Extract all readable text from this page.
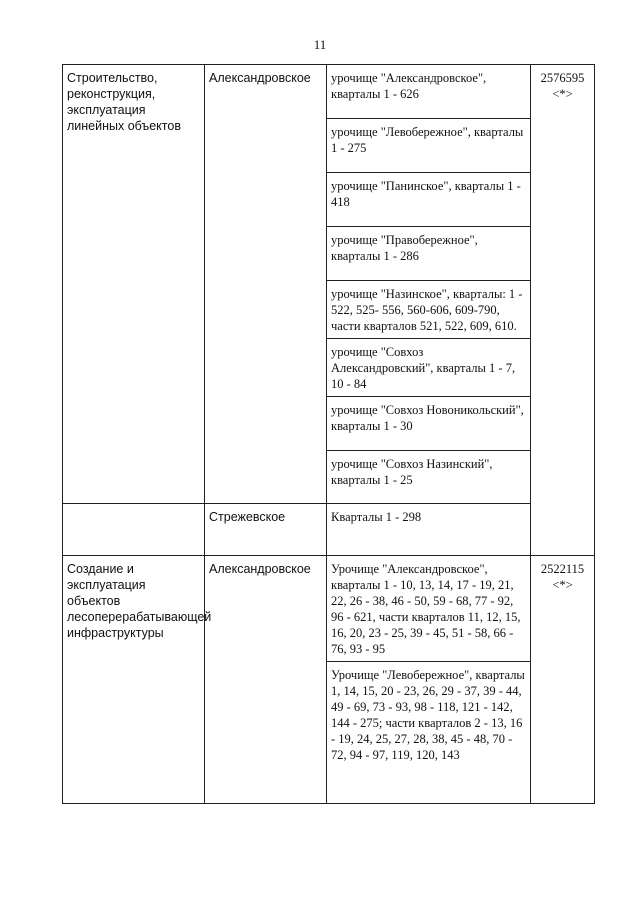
11
Строительство, реконструкция, эксплуатация линейных объектов	Александровское	урочище "Александровское", кварталы 1 - 626	2576595
<*>

		урочище "Левобережное", кварталы 1 - 275	
		урочище "Панинское", кварталы 1 - 418	
		урочище "Правобережное", кварталы 1 - 286	
		урочище "Назинское", кварталы: 1 - 522, 525- 556, 560-606, 609-790, части кварталов 521, 522, 609, 610.	
		урочище "Совхоз Александровский", кварталы 1 - 7, 10 - 84	
		урочище "Совхоз Новоникольский", кварталы 1 - 30	
		урочище "Совхоз Назинский", кварталы 1 - 25	
	Стрежевское	Кварталы 1 - 298	
Создание и эксплуатация объектов лесоперерабатывающей инфраструктуры	Александровское	Урочище "Александровское", кварталы 1 - 10, 13, 14, 17 - 19, 21, 22, 26 - 38, 46 - 50, 59 - 68, 77 - 92, 96 - 621, части кварталов 11, 12, 15, 16, 20, 23 - 25, 39 - 45, 51 - 58, 66 - 76, 93 - 95	2522115
<*>

		Урочище "Левобережное", кварталы 1, 14, 15, 20 - 23, 26, 29 - 37, 39 - 44, 49 - 69, 73 - 93, 98 - 118, 121 - 142, 144 - 275; части кварталов 2 - 13, 16 - 19, 24, 25, 27, 28, 38, 45 - 48, 70 - 72, 94 - 97, 119, 120, 143	
